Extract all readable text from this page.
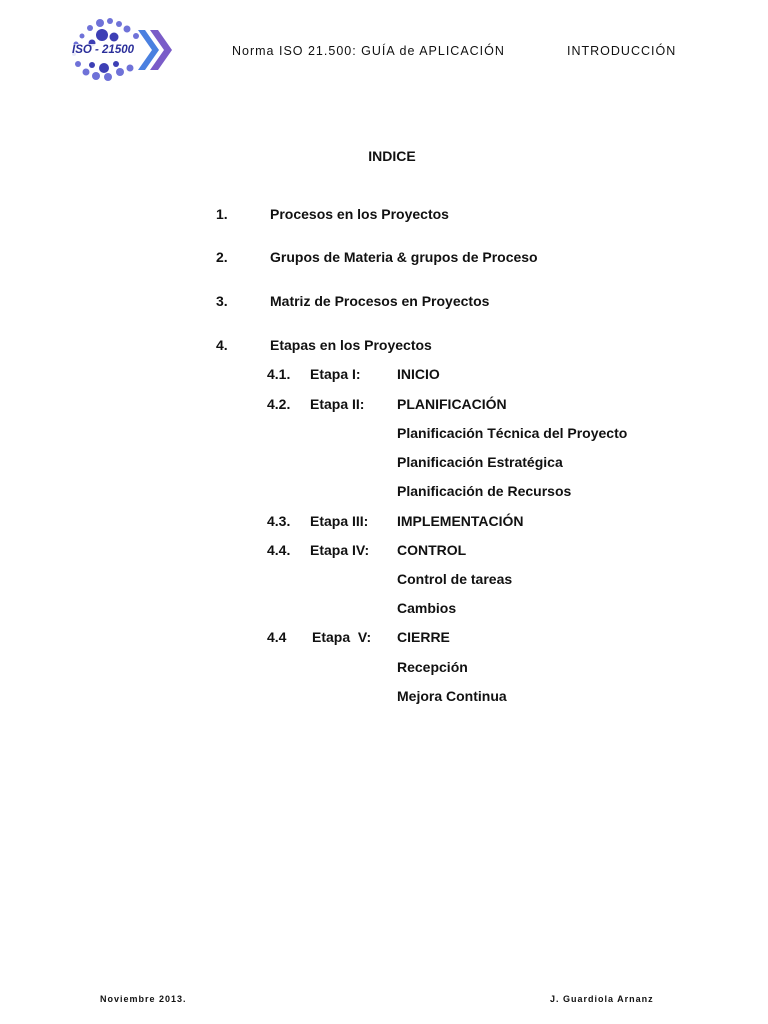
ISO - 21500	Norma ISO 21.500: GUÍA de APLICACIÓN	INTRODUCCIÓN
INDICE
1.	Procesos en los Proyectos
2.	Grupos de Materia & grupos de Proceso
3.	Matriz de Procesos en Proyectos
4.	Etapas en los Proyectos
4.1. Etapa I:	INICIO
4.2. Etapa II: PLANIFICACIÓN
Planificación Técnica del Proyecto
Planificación Estratégica
Planificación de Recursos
4.3. Etapa III: IMPLEMENTACIÓN
4.4. Etapa IV: CONTROL
Control de tareas
Cambios
4.4 Etapa  V: CIERRE
Recepción
Mejora Continua
Noviembre 2013.	J. Guardiola Arnanz
